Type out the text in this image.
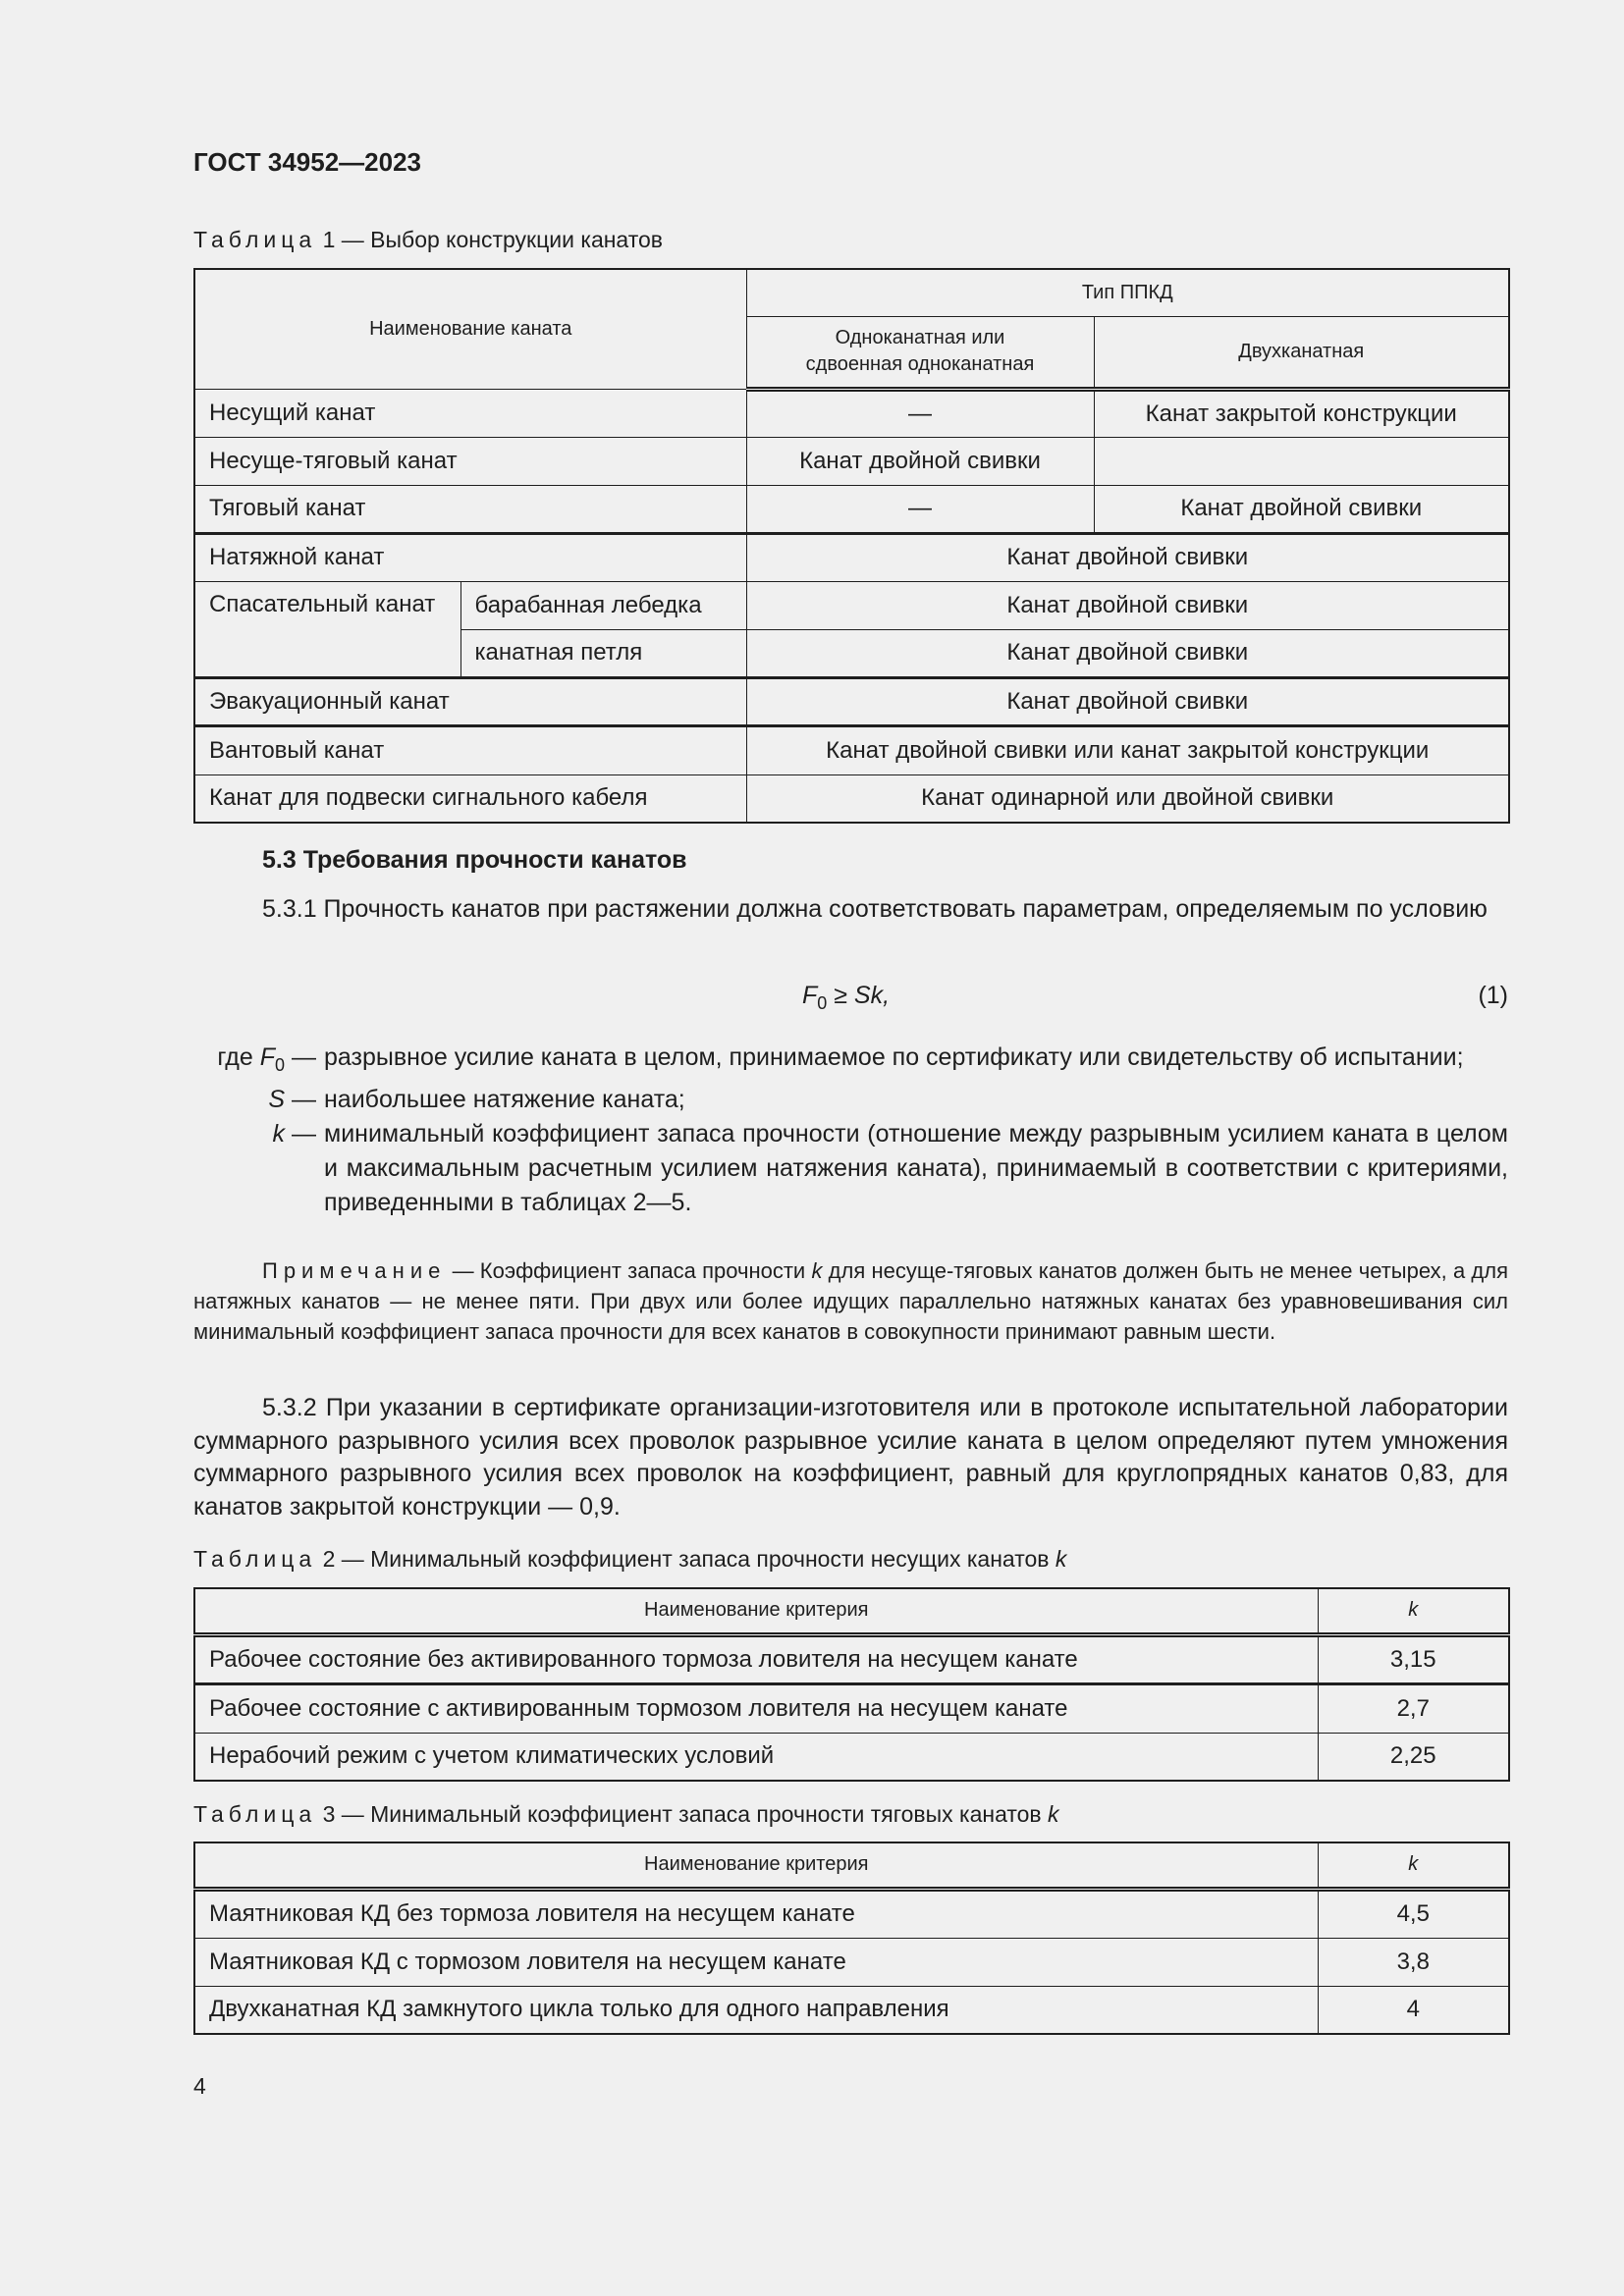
ГОСТ 34952—2023
Таблица 1 — Выбор конструкции канатов
Наименование каната		Тип ППКД	
		Одноканатная или сдвоенная одноканатная	Двухканатная
Несущий канат		—	Канат закрытой конструкции
Несуще-тяговый канат		Канат двойной свивки	
Тяговый канат		—	Канат двойной свивки
Натяжной канат		Канат двойной свивки	
Спасательный канат	барабанная лебедка	Канат двойной свивки	
	канатная петля	Канат двойной свивки	
Эвакуационный канат		Канат двойной свивки	
Вантовый канат		Канат двойной свивки или канат закрытой конструкции	
Канат для подвески сигнального кабеля		Канат одинарной или двойной свивки	
5.3 Требования прочности канатов
5.3.1 Прочность канатов при растяжении должна соответствовать параметрам, определяемым по условию
$F_0 \ge Sk$,	(1)
где $F_0$ — разрывное усилие каната в целом, принимаемое по сертификату или свидетельству об испытании;
S — наибольшее натяжение каната;
k — минимальный коэффициент запаса прочности (отношение между разрывным усилием каната в целом и максимальным расчетным усилием натяжения каната), принимаемый в соответствии с критериями, приведенными в таблицах 2—5.
Примечание — Коэффициент запаса прочности k для несуще-тяговых канатов должен быть не менее четырех, а для натяжных канатов — не менее пяти. При двух или более идущих параллельно натяжных канатах без уравновешивания сил минимальный коэффициент запаса прочности для всех канатов в совокупности принимают равным шести.
5.3.2 При указании в сертификате организации-изготовителя или в протоколе испытательной лаборатории суммарного разрывного усилия всех проволок разрывное усилие каната в целом определяют путем умножения суммарного разрывного усилия всех проволок на коэффициент, равный для круглопрядных канатов 0,83, для канатов закрытой конструкции — 0,9.
Таблица 2 — Минимальный коэффициент запаса прочности несущих канатов k
Наименование критерия	k
Рабочее состояние без активированного тормоза ловителя на несущем канате	3,15
Рабочее состояние с активированным тормозом ловителя на несущем канате	2,7
Нерабочий режим с учетом климатических условий	2,25
Таблица 3 — Минимальный коэффициент запаса прочности тяговых канатов k
Наименование критерия	k
Маятниковая КД без тормоза ловителя на несущем канате	4,5
Маятниковая КД с тормозом ловителя на несущем канате	3,8
Двухканатная КД замкнутого цикла только для одного направления	4
4
